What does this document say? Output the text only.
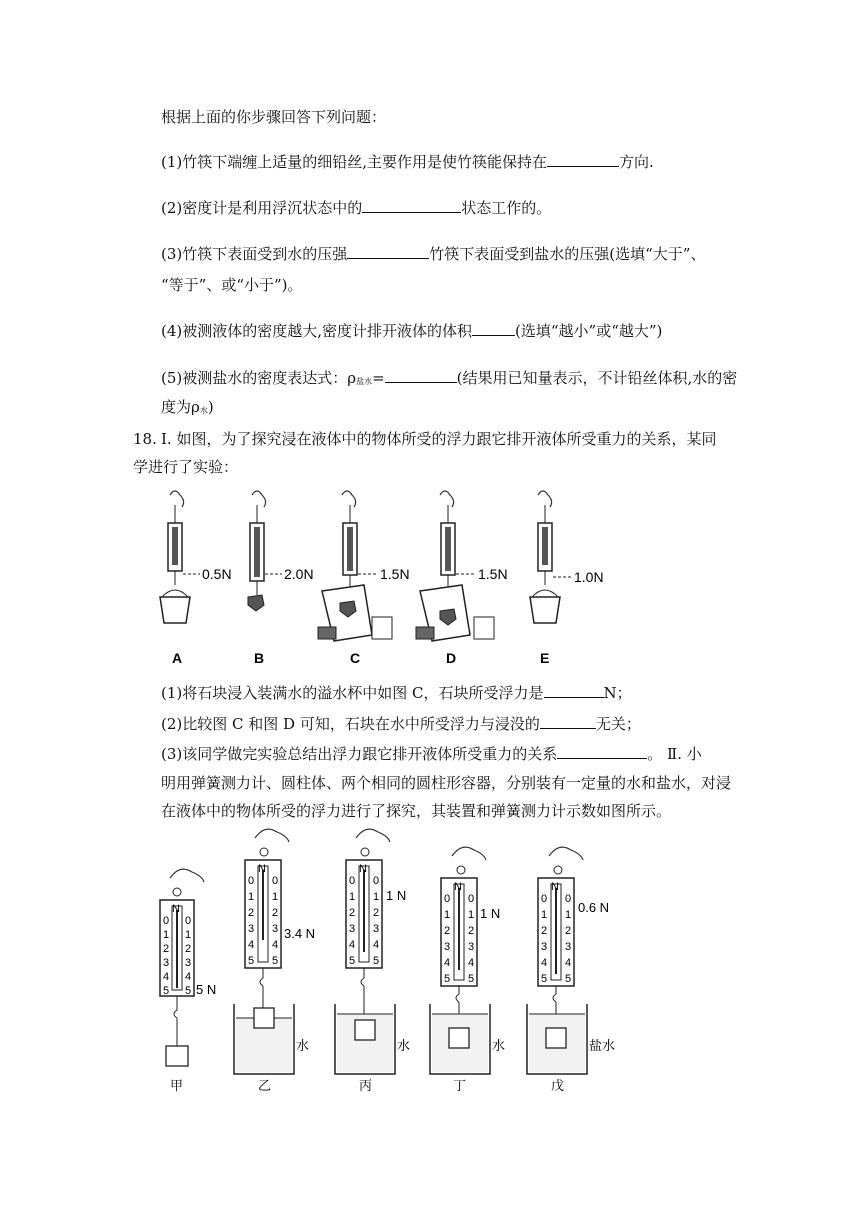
根据上面的你步骤回答下列问题：
(1)竹筷下端缠上适量的细铅丝,主要作用是使竹筷能保持在	方向.
(2)密度计是利用浮沉状态中的	状态工作的。
(3)竹筷下表面受到水的压强	竹筷下表面受到盐水的压强(选填“大于”、
“等于”、或“小于”)。
(4)被测液体的密度越大,密度计排开液体的体积	(选填“越小”或“越大”)
(5)被测盐水的密度表达式：ρ盐水=	(结果用已知量表示，不计铅丝体积,水的密
度为ρ水)
18. Ⅰ. 如图，为了探究浸在液体中的物体所受的浮力跟它排开液体所受重力的关系，某同
学进行了实验：
0.5N	2.0N	1.5N	1.5N	1.0N
A	B	C	D	E
(1)将石块浸入装满水的溢水杯中如图 C，石块所受浮力是	N；
(2)比较图 C 和图 D 可知，石块在水中所受浮力与浸没的	无关；
(3)该同学做完实验总结出浮力跟它排开液体所受重力的关系	。 Ⅱ. 小
明用弹簧测力计、圆柱体、两个相同的圆柱形容器，分别装有一定量的水和盐水，对浸
在液体中的物体所受的浮力进行了探究，其装置和弹簧测力计示数如图所示。
N
N	N
N	N
0 0
1 1
2 2
3 3
4 4
5 5
0 0
1 1
2 2
3 3
4 4
5 5
0 0
1 1
2 2
3 3
4 4
5 5
0 0
1 1
2 2
3 3
4 4
5 5
0 0
1 1
2 2
3 3
4 4
5 5
5 N
3.4 N
1 N
1 N	0.6 N
水	水	水	盐水
甲	乙	丙	丁	戊
